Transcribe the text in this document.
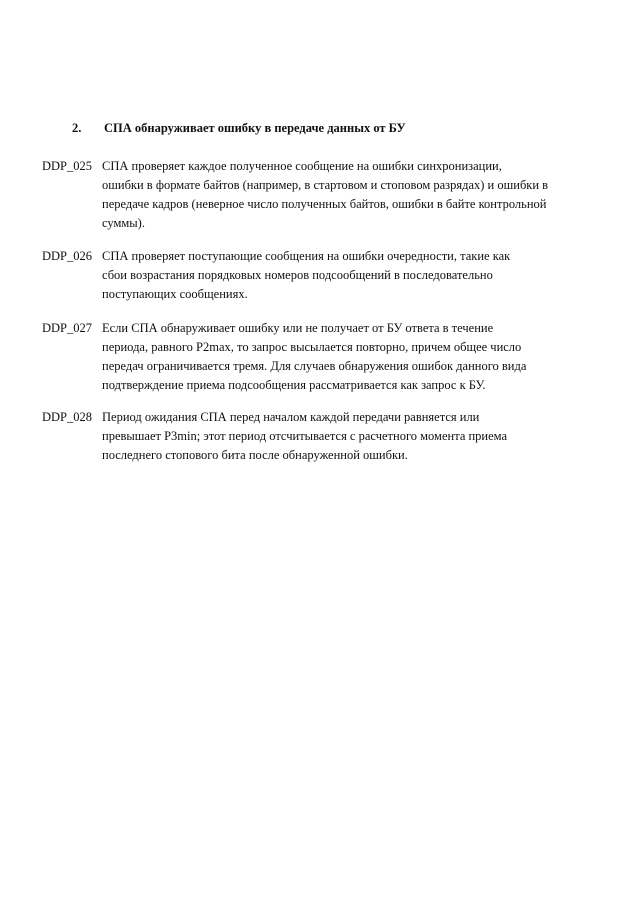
2. СПА обнаруживает ошибку в передаче данных от БУ
DDP_025 СПА проверяет каждое полученное сообщение на ошибки синхронизации,
ошибки в формате байтов (например, в стартовом и стоповом разрядах) и ошибки в
передаче кадров (неверное число полученных байтов, ошибки в байте контрольной
суммы).
DDP_026 СПА проверяет поступающие сообщения на ошибки очередности, такие как
сбои возрастания порядковых номеров подсообщений в последовательно
поступающих сообщениях.
DDP_027 Если СПА обнаруживает ошибку или не получает от БУ ответа в течение
периода, равного P2max, то запрос высылается повторно, причем общее число
передач ограничивается тремя. Для случаев обнаружения ошибок данного вида
подтверждение приема подсообщения рассматривается как запрос к БУ.
DDP_028 Период ожидания СПА перед началом каждой передачи равняется или
превышает P3min; этот период отсчитывается с расчетного момента приема
последнего стопового бита после обнаруженной ошибки.
